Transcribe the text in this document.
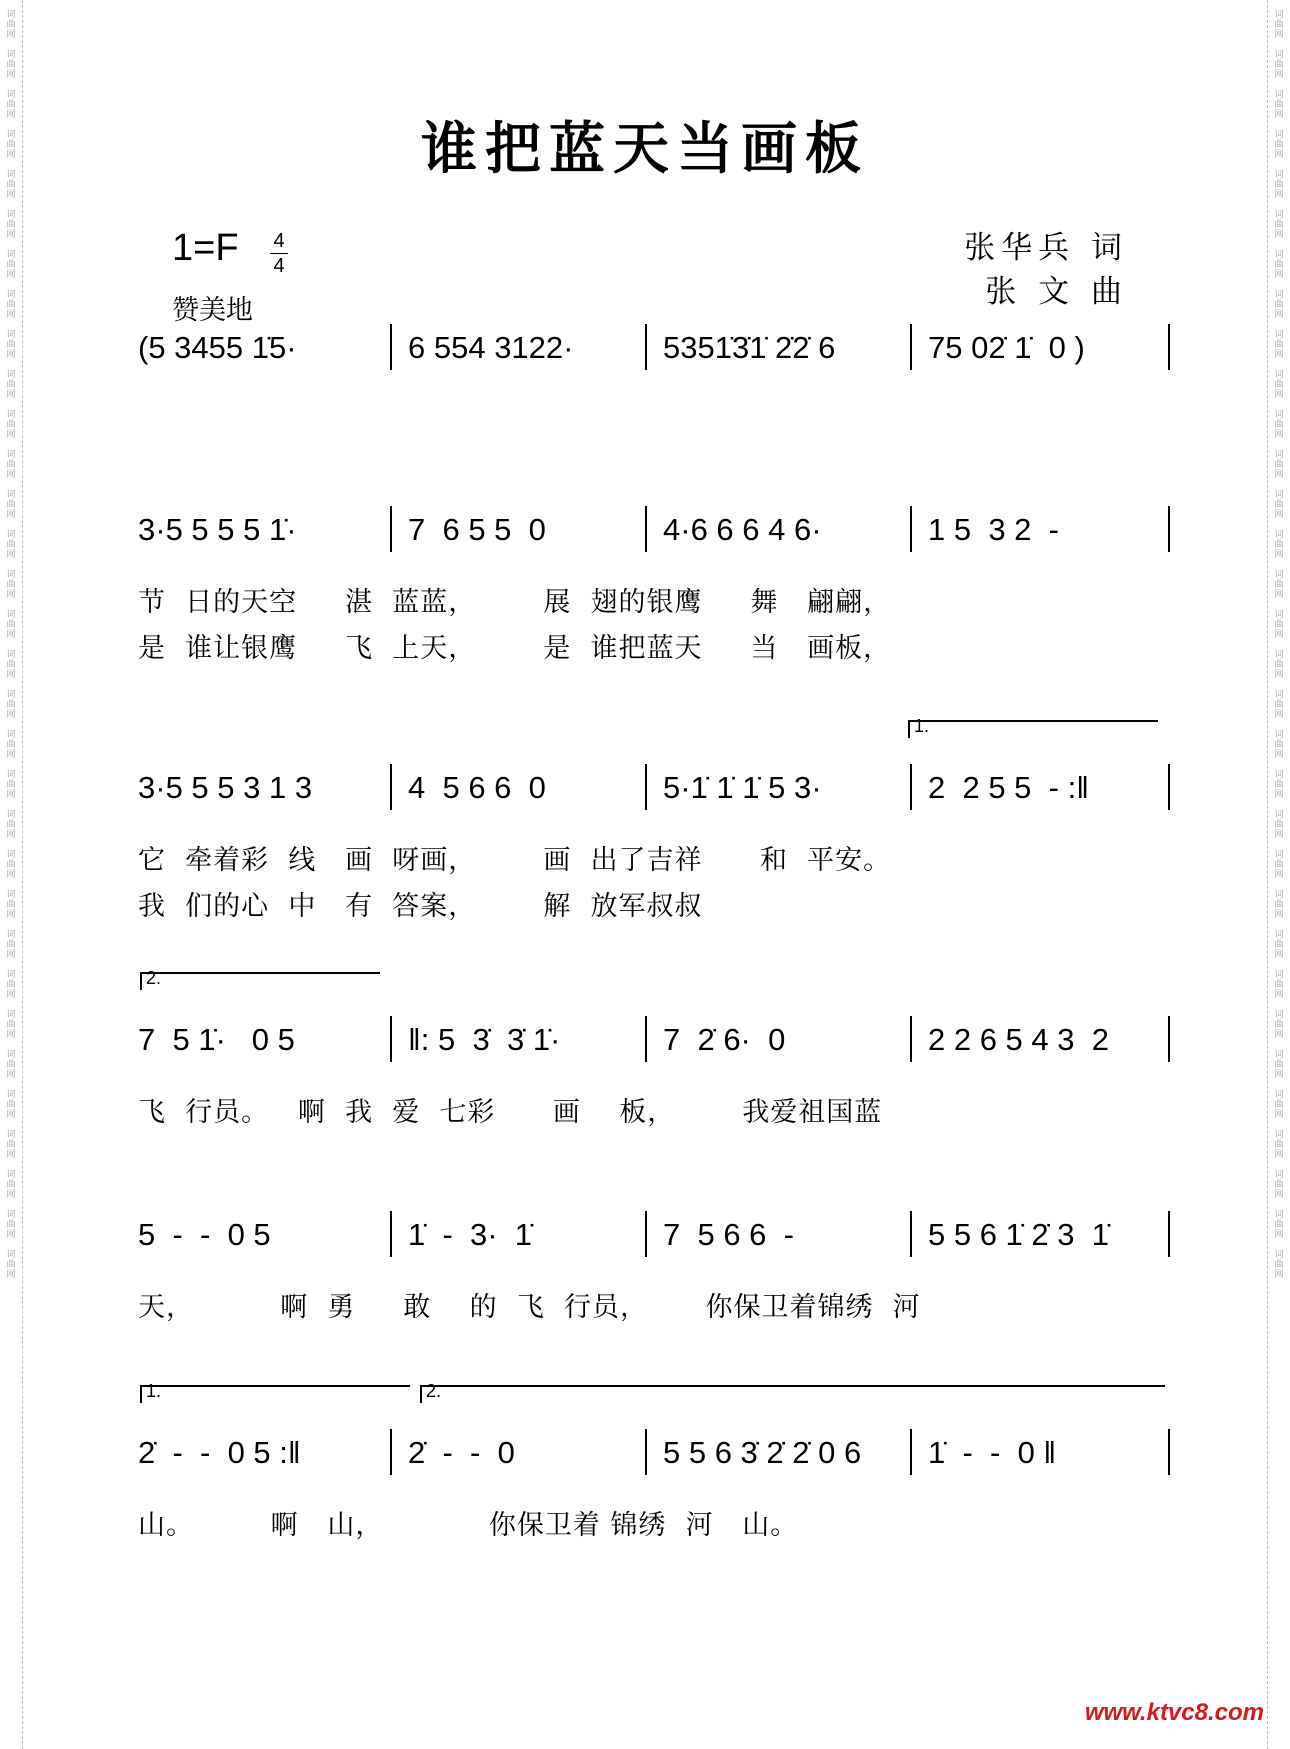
词
曲
网
词
曲
网
词
曲
网
词
曲
网
词
曲
网
词
曲
网
词
曲
网
词
曲
网
词
曲
网
词
曲
网
词
曲
网
词
曲
网
词
曲
网
词
曲
网
词
曲
网
词
曲
网
词
曲
网
词
曲
网
词
曲
网
词
曲
网
词
曲
网
词
曲
网
词
曲
网
词
曲
网
词
曲
网
词
曲
网
词
曲
网
词
曲
网
词
曲
网
词
曲
网
词
曲
网
词
曲
网
词
曲
网
词
曲
网
词
曲
网
词
曲
网
词
曲
网
词
曲
网
词
曲
网
词
曲
网
词
曲
网
词
曲
网
词
曲
网
词
曲
网
词
曲
网
词
曲
网
词
曲
网
词
曲
网
词
曲
网
词
曲
网
词
曲
网
词
曲
网
词
曲
网
词
曲
网
词
曲
网
词
曲
网
词
曲
网
词
曲
网
词
曲
网
词
曲
网
词
曲
网
词
曲
网
词
曲
网
词
曲
网
谁把蓝天当画板
1=F 4
4
赞美地
张华兵 词
张 文 曲
(5 3455 1̇5·	6 554 3122·	5351̇3̇1̇ 2̇2̇ 6	75 02̇ 1̇  0 )
3·5 5 5 5 1̇·	7  6 5 5  0	4·6 6 6 4 6·	1 5  3 2  -
节  日的天空     湛  蓝蓝，       展  翅的银鹰     舞   翩翩，
是  谁让银鹰     飞  上天，       是  谁把蓝天     当   画板，
3·5 5 5 3 1 3	4  5 6 6  0	5·1̇ 1̇ 1̇ 5 3·	2  2 5 5  - :‖
它  牵着彩  线   画  呀画，       画  出了吉祥      和  平安。
我  们的心  中   有  答案，       解  放军叔叔
1.
7  5 1̇·   0 5	‖: 5  3̇  3̇ 1̇·	7  2̇ 6·  0	2 2 6 5 4 3  2
飞  行员。   啊  我  爱  七彩      画    板，       我爱祖国蓝
2.
5  -  -  0 5	1̇  -  3·  1̇	7  5 6 6  -	5 5 6 1̇ 2̇ 3  1̇
天，         啊  勇     敢    的  飞  行员，      你保卫着锦绣  河
2̇  -  -  0 5 :‖	2̇  -  -  0	5 5 6 3̇ 2̇ 2̇ 0 6 1̇  -  -  0 ‖
山。        啊   山，           你保卫着 锦绣  河   山。
1.	2.
www.ktvc8.com
